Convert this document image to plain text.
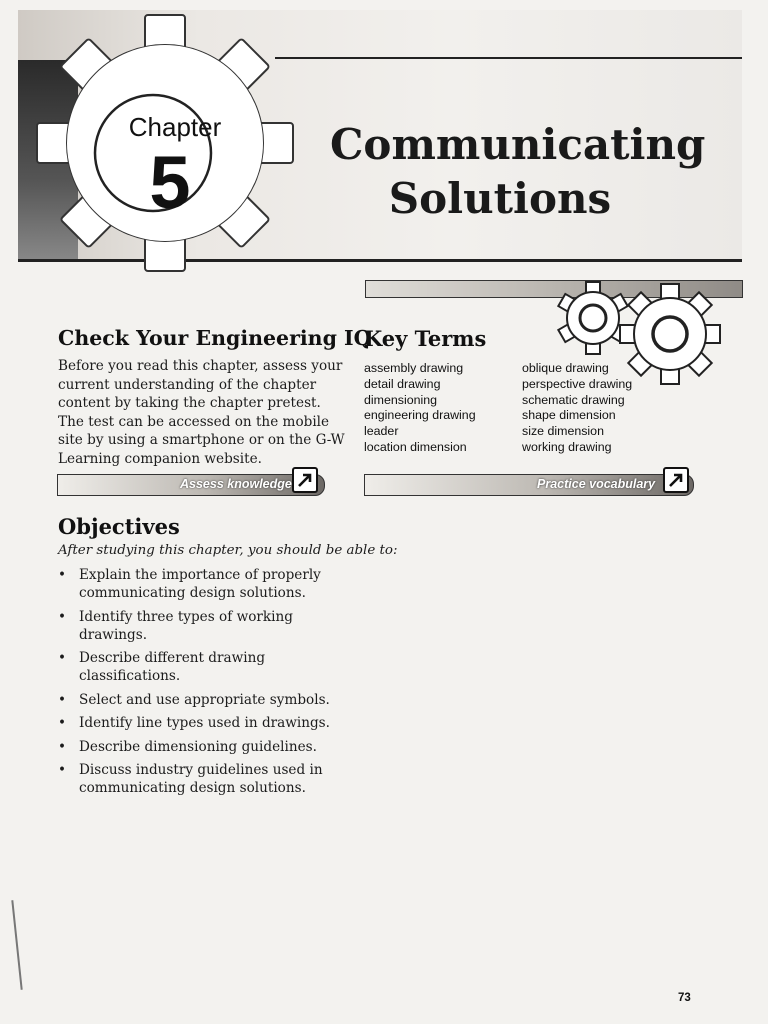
Chapter
5	Communicating
Solutions
Check Your Engineering IQ
Before you read this chapter, assess your current understanding of the chapter content by taking the chapter pretest. The test can be accessed on the mobile site by using a smartphone or on the G-W Learning companion website.
Assess knowledge
Key Terms
assembly drawing
detail drawing
dimensioning
engineering drawing
leader
location dimension
oblique drawing
perspective drawing
schematic drawing
shape dimension
size dimension
working drawing
Practice vocabulary
Objectives
After studying this chapter, you should be able to:
• Explain the importance of properly communicating design solutions.
• Identify three types of working drawings.
• Describe different drawing classifications.
• Select and use appropriate symbols.
• Identify line types used in drawings.
• Describe dimensioning guidelines.
• Discuss industry guidelines used in communicating design solutions.
73
